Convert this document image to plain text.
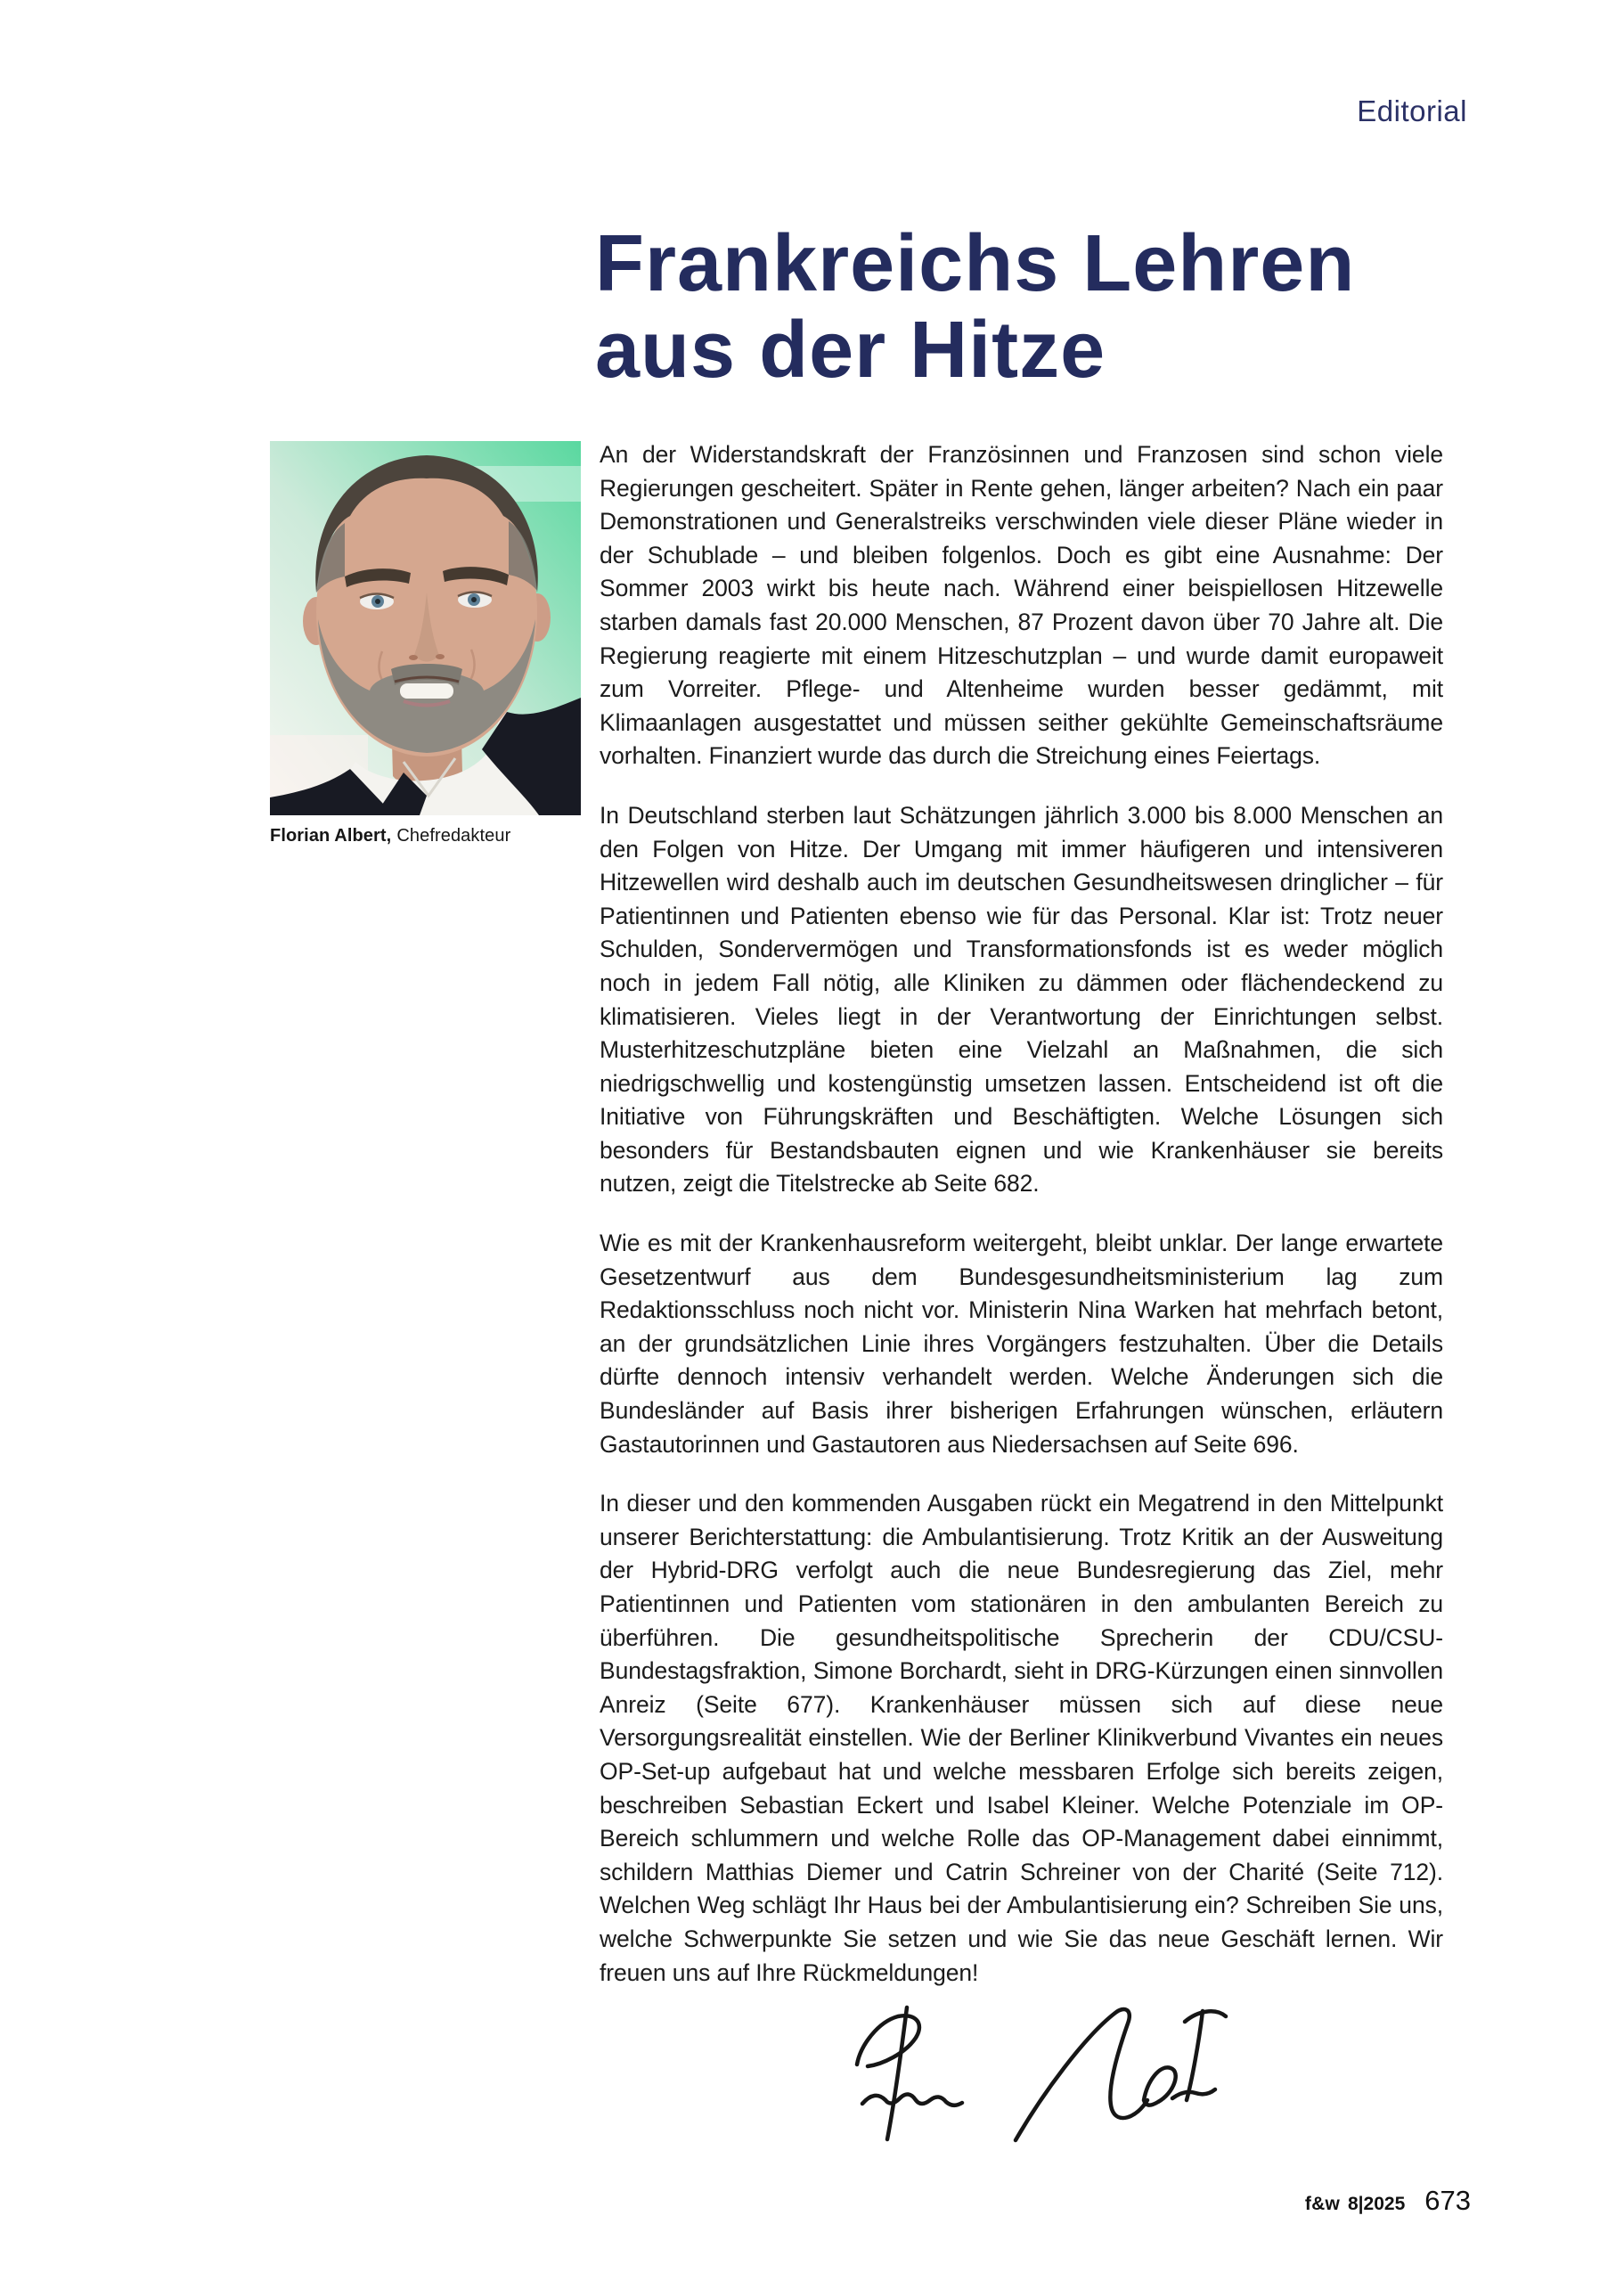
Editorial
Frankreichs Lehren
aus der Hitze
Florian Albert, Chefredakteur

An der Widerstandskraft der Französinnen und Franzosen sind schon viele Regierungen gescheitert. Später in Rente gehen, länger arbeiten? Nach ein paar Demonstrationen und Generalstreiks verschwinden viele dieser Pläne wieder in der Schublade – und bleiben folgenlos. Doch es gibt eine Ausnahme: Der Sommer 2003 wirkt bis heute nach. Während einer beispiellosen Hitzewelle starben damals fast 20.000 Menschen, 87 Prozent davon über 70 Jahre alt. Die Regierung reagierte mit einem Hitzeschutzplan – und wurde damit europaweit zum Vorreiter. Pflege- und Altenheime wurden besser gedämmt, mit Klimaanlagen ausgestattet und müssen seither gekühlte Gemeinschaftsräume vorhalten. Finanziert wurde das durch die Streichung eines Feiertags.

In Deutschland sterben laut Schätzungen jährlich 3.000 bis 8.000 Menschen an den Folgen von Hitze. Der Umgang mit immer häufigeren und intensiveren Hitzewellen wird deshalb auch im deutschen Gesundheitswesen dringlicher – für Patientinnen und Patienten ebenso wie für das Personal. Klar ist: Trotz neuer Schulden, Sondervermögen und Transformationsfonds ist es weder möglich noch in jedem Fall nötig, alle Kliniken zu dämmen oder flächendeckend zu klimatisieren. Vieles liegt in der Verantwortung der Einrichtungen selbst. Musterhitzeschutzpläne bieten eine Vielzahl an Maßnahmen, die sich niedrigschwellig und kostengünstig umsetzen lassen. Entscheidend ist oft die Initiative von Führungskräften und Beschäftigten. Welche Lösungen sich besonders für Bestandsbauten eignen und wie Krankenhäuser sie bereits nutzen, zeigt die Titelstrecke ab Seite 682.

Wie es mit der Krankenhausreform weitergeht, bleibt unklar. Der lange erwartete Gesetzentwurf aus dem Bundesgesundheitsministerium lag zum Redaktionsschluss noch nicht vor. Ministerin Nina Warken hat mehrfach betont, an der grundsätzlichen Linie ihres Vorgängers festzuhalten. Über die Details dürfte dennoch intensiv verhandelt werden. Welche Änderungen sich die Bundesländer auf Basis ihrer bisherigen Erfahrungen wünschen, erläutern Gastautorinnen und Gastautoren aus Niedersachsen auf Seite 696.

In dieser und den kommenden Ausgaben rückt ein Megatrend in den Mittelpunkt unserer Berichterstattung: die Ambulantisierung. Trotz Kritik an der Ausweitung der Hybrid-DRG verfolgt auch die neue Bundesregierung das Ziel, mehr Patientinnen und Patienten vom stationären in den ambulanten Bereich zu überführen. Die gesundheitspolitische Sprecherin der CDU/CSU-Bundestagsfraktion, Simone Borchardt, sieht in DRG-Kürzungen einen sinnvollen Anreiz (Seite 677). Krankenhäuser müssen sich auf diese neue Versorgungsrealität einstellen. Wie der Berliner Klinikverbund Vivantes ein neues OP-Set-up aufgebaut hat und welche messbaren Erfolge sich bereits zeigen, beschreiben Sebastian Eckert und Isabel Kleiner. Welche Potenziale im OP-Bereich schlummern und welche Rolle das OP-Management dabei einnimmt, schildern Matthias Diemer und Catrin Schreiner von der Charité (Seite 712). Welchen Weg schlägt Ihr Haus bei der Ambulantisierung ein? Schreiben Sie uns, welche Schwerpunkte Sie setzen und wie Sie das neue Geschäft lernen. Wir freuen uns auf Ihre Rückmeldungen!

f&w 8|2025 673
